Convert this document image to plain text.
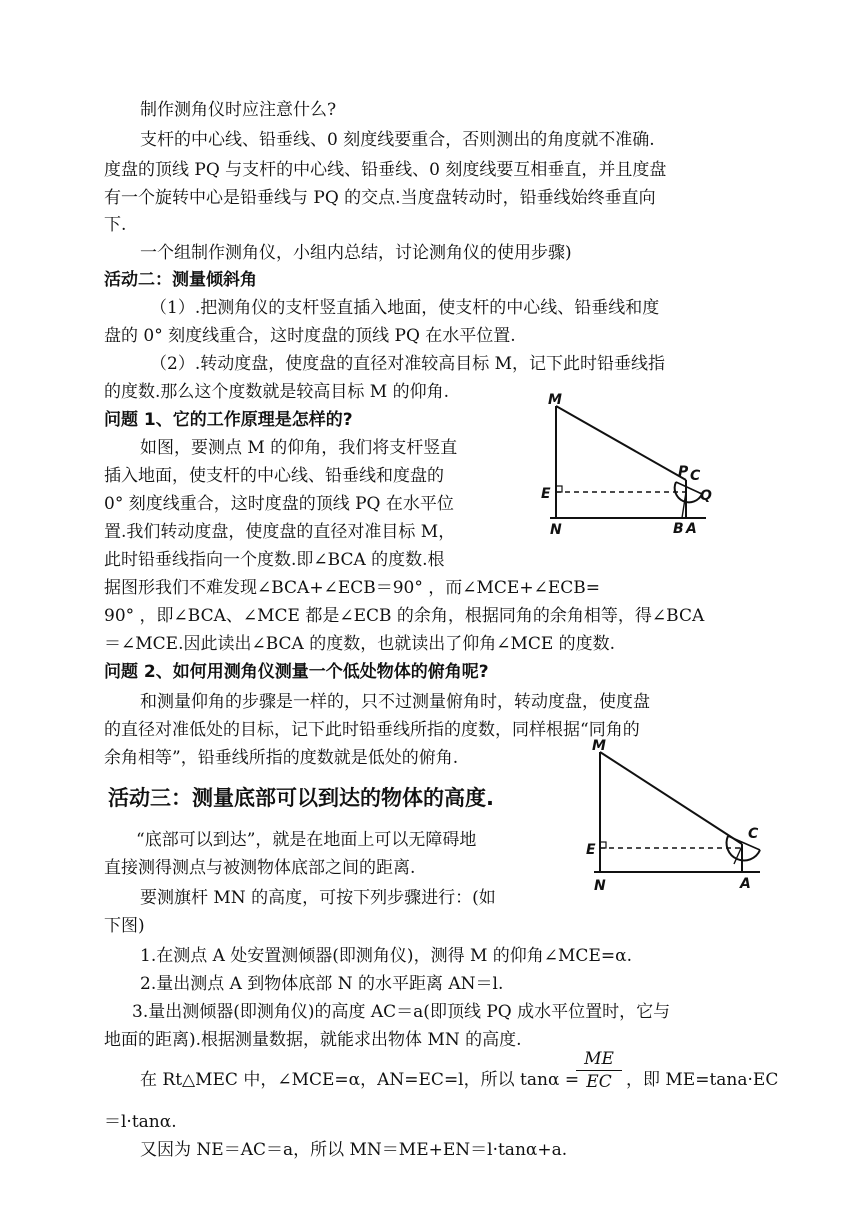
制作测角仪时应注意什么?
支杆的中心线、铅垂线、0 刻度线要重合，否则测出的角度就不准确.
度盘的顶线 PQ 与支杆的中心线、铅垂线、0 刻度线要互相垂直，并且度盘
有一个旋转中心是铅垂线与 PQ 的交点.当度盘转动时，铅垂线始终垂直向
下.
一个组制作测角仪，小组内总结，讨论测角仪的使用步骤)
活动二：测量倾斜角
（1）.把测角仪的支杆竖直插入地面，使支杆的中心线、铅垂线和度
盘的 0° 刻度线重合，这时度盘的顶线 PQ 在水平位置.
（2）.转动度盘，使度盘的直径对准较高目标 M，记下此时铅垂线指
的度数.那么这个度数就是较高目标 M 的仰角.
问题 1、它的工作原理是怎样的?
如图，要测点 M 的仰角，我们将支杆竖直
插入地面，使支杆的中心线、铅垂线和度盘的
0° 刻度线重合，这时度盘的顶线 PQ 在水平位
置.我们转动度盘，使度盘的直径对准目标 M，
此时铅垂线指向一个度数.即∠BCA 的度数.根
据图形我们不难发现∠BCA+∠ECB＝90° ，而∠MCE+∠ECB=
90° ，即∠BCA、∠MCE 都是∠ECB 的余角，根据同角的余角相等，得∠BCA
＝∠MCE.因此读出∠BCA 的度数，也就读出了仰角∠MCE 的度数.
问题 2、如何用测角仪测量一个低处物体的俯角呢?
和测量仰角的步骤是一样的，只不过测量俯角时，转动度盘，使度盘
的直径对准低处的目标，记下此时铅垂线所指的度数，同样根据“同角的
余角相等”，铅垂线所指的度数就是低处的俯角.
活动三：测量底部可以到达的物体的高度.
“底部可以到达”，就是在地面上可以无障碍地
直接测得测点与被测物体底部之间的距离.
要测旗杆 MN 的高度，可按下列步骤进行：(如
下图)
1.在测点 A 处安置测倾器(即测角仪)，测得 M 的仰角∠MCE=α.
2.量出测点 A 到物体底部 N 的水平距离 AN＝l.
3.量出测倾器(即测角仪)的高度 AC＝a(即顶线 PQ 成水平位置时，它与
地面的距离).根据测量数据，就能求出物体 MN 的高度.
在 Rt△MEC 中，∠MCE=α，AN=EC=l，所以 tanα =
$\frac{ME}{EC}$ ，即 ME=tana·EC
＝l·tanα.
又因为 NE＝AC＝a，所以 MN＝ME+EN＝l·tanα+a.
M
E
N
P C
Q
B A
M
E
N
C
A
